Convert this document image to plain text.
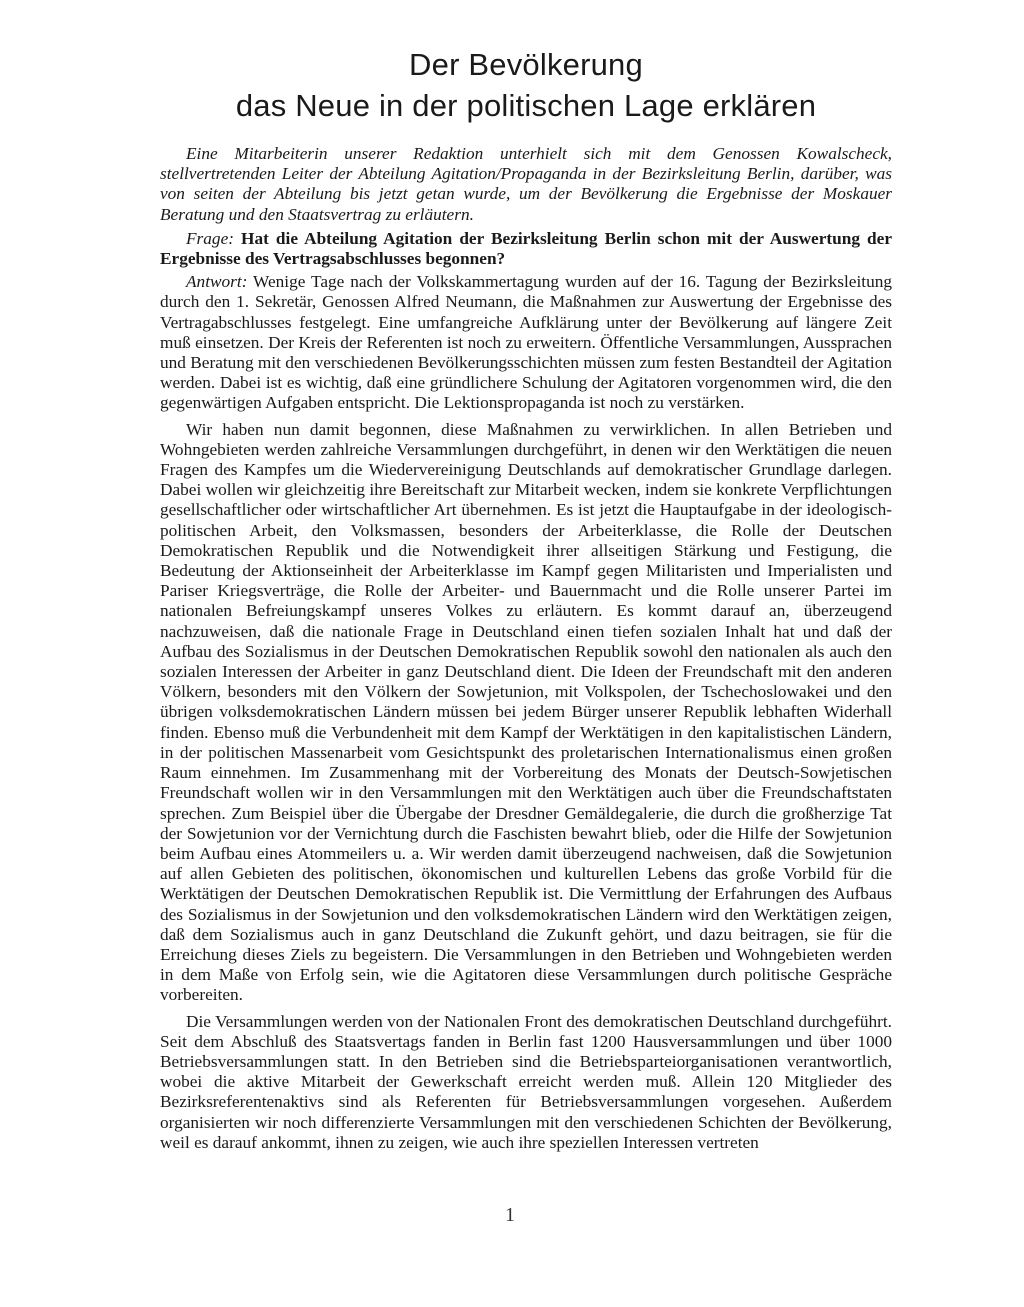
Der Bevölkerung
das Neue in der politischen Lage erklären

Eine Mitarbeiterin unserer Redaktion unterhielt sich mit dem Genossen Kowalscheck, stellvertretenden Leiter der Abteilung Agitation/Propaganda in der Bezirksleitung Berlin, darüber, was von seiten der Abteilung bis jetzt getan wurde, um der Bevölkerung die Ergebnisse der Moskauer Beratung und den Staatsvertrag zu erläutern.

Frage: Hat die Abteilung Agitation der Bezirksleitung Berlin schon mit der Auswertung der Ergebnisse des Vertragsabschlusses begonnen?

Antwort: Wenige Tage nach der Volkskammertagung wurden auf der 16. Tagung der Bezirksleitung durch den 1. Sekretär, Genossen Alfred Neumann, die Maßnahmen zur Auswertung der Ergebnisse des Vertragabschlusses festgelegt. Eine umfangreiche Aufklärung unter der Bevölkerung auf längere Zeit muß einsetzen. Der Kreis der Referenten ist noch zu erweitern. Öffentliche Versammlungen, Aussprachen und Beratung mit den verschiedenen Bevölkerungsschichten müssen zum festen Bestandteil der Agitation werden. Dabei ist es wichtig, daß eine gründlichere Schulung der Agitatoren vorgenommen wird, die den gegenwärtigen Aufgaben entspricht. Die Lektionspropaganda ist noch zu verstärken.

Wir haben nun damit begonnen, diese Maßnahmen zu verwirklichen. In allen Betrieben und Wohngebieten werden zahlreiche Versammlungen durchgeführt, in denen wir den Werktätigen die neuen Fragen des Kampfes um die Wiedervereinigung Deutschlands auf demokratischer Grundlage darlegen. Dabei wollen wir gleichzeitig ihre Bereitschaft zur Mitarbeit wecken, indem sie konkrete Verpflichtungen gesellschaftlicher oder wirtschaftlicher Art übernehmen. Es ist jetzt die Hauptaufgabe in der ideologisch-politischen Arbeit, den Volksmassen, besonders der Arbeiterklasse, die Rolle der Deutschen Demokratischen Republik und die Notwendigkeit ihrer allseitigen Stärkung und Festigung, die Bedeutung der Aktionseinheit der Arbeiterklasse im Kampf gegen Militaristen und Imperialisten und Pariser Kriegsverträge, die Rolle der Arbeiter- und Bauernmacht und die Rolle unserer Partei im nationalen Befreiungskampf unseres Volkes zu erläutern. Es kommt darauf an, überzeugend nachzuweisen, daß die nationale Frage in Deutschland einen tiefen sozialen Inhalt hat und daß der Aufbau des Sozialismus in der Deutschen Demokratischen Republik sowohl den nationalen als auch den sozialen Interessen der Arbeiter in ganz Deutschland dient. Die Ideen der Freundschaft mit den anderen Völkern, besonders mit den Völkern der Sowjetunion, mit Volkspolen, der Tschechoslowakei und den übrigen volksdemokratischen Ländern müssen bei jedem Bürger unserer Republik lebhaften Widerhall finden. Ebenso muß die Verbundenheit mit dem Kampf der Werktätigen in den kapitalistischen Ländern, in der politischen Massenarbeit vom Gesichtspunkt des proletarischen Internationalismus einen großen Raum einnehmen. Im Zusammenhang mit der Vorbereitung des Monats der Deutsch-Sowjetischen Freundschaft wollen wir in den Versammlungen mit den Werktätigen auch über die Freundschaftstaten sprechen. Zum Beispiel über die Übergabe der Dresdner Gemäldegalerie, die durch die großherzige Tat der Sowjetunion vor der Vernichtung durch die Faschisten bewahrt blieb, oder die Hilfe der Sowjetunion beim Aufbau eines Atommeilers u. a. Wir werden damit überzeugend nachweisen, daß die Sowjetunion auf allen Gebieten des politischen, ökonomischen und kulturellen Lebens das große Vorbild für die Werktätigen der Deutschen Demokratischen Republik ist. Die Vermittlung der Erfahrungen des Aufbaus des Sozialismus in der Sowjetunion und den volksdemokratischen Ländern wird den Werktätigen zeigen, daß dem Sozialismus auch in ganz Deutschland die Zukunft gehört, und dazu beitragen, sie für die Erreichung dieses Ziels zu begeistern. Die Versammlungen in den Betrieben und Wohngebieten werden in dem Maße von Erfolg sein, wie die Agitatoren diese Versammlungen durch politische Gespräche vorbereiten.

Die Versammlungen werden von der Nationalen Front des demokratischen Deutschland durchgeführt. Seit dem Abschluß des Staatsvertags fanden in Berlin fast 1200 Hausversammlungen und über 1000 Betriebsversammlungen statt. In den Betrieben sind die Betriebsparteiorganisationen verantwortlich, wobei die aktive Mitarbeit der Gewerkschaft erreicht werden muß. Allein 120 Mitglieder des Bezirksreferentenaktivs sind als Referenten für Betriebsversammlungen vorgesehen. Außerdem organisierten wir noch differenzierte Versammlungen mit den verschiedenen Schichten der Bevölkerung, weil es darauf ankommt, ihnen zu zeigen, wie auch ihre speziellen Interessen vertreten

1
